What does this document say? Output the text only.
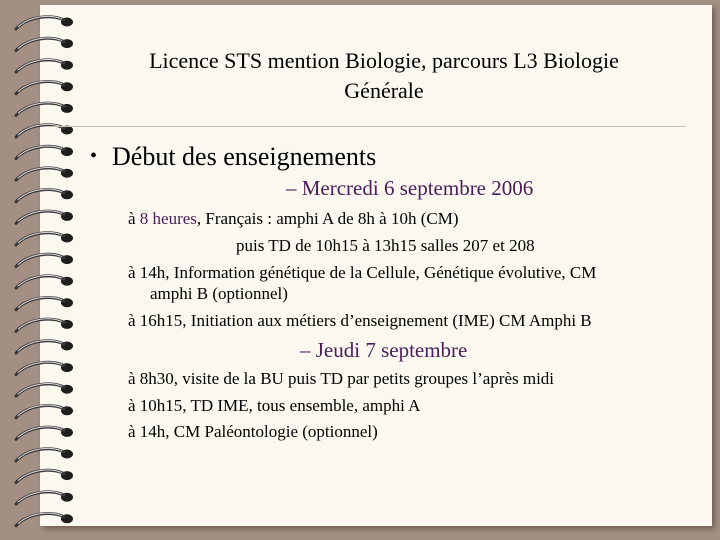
Licence STS mention Biologie, parcours L3 Biologie
Générale
• Début des enseignements
– Mercredi 6 septembre 2006
à 8 heures, Français : amphi A de 8h à 10h (CM)
puis TD de 10h15 à 13h15 salles 207 et 208
à 14h, Information génétique de la Cellule, Génétique évolutive, CM
amphi B (optionnel)
à 16h15, Initiation aux métiers d’enseignement (IME) CM Amphi B
– Jeudi 7 septembre
à 8h30, visite de la BU puis TD par petits groupes l’après midi
à 10h15, TD IME, tous ensemble, amphi A
à 14h, CM Paléontologie (optionnel)
